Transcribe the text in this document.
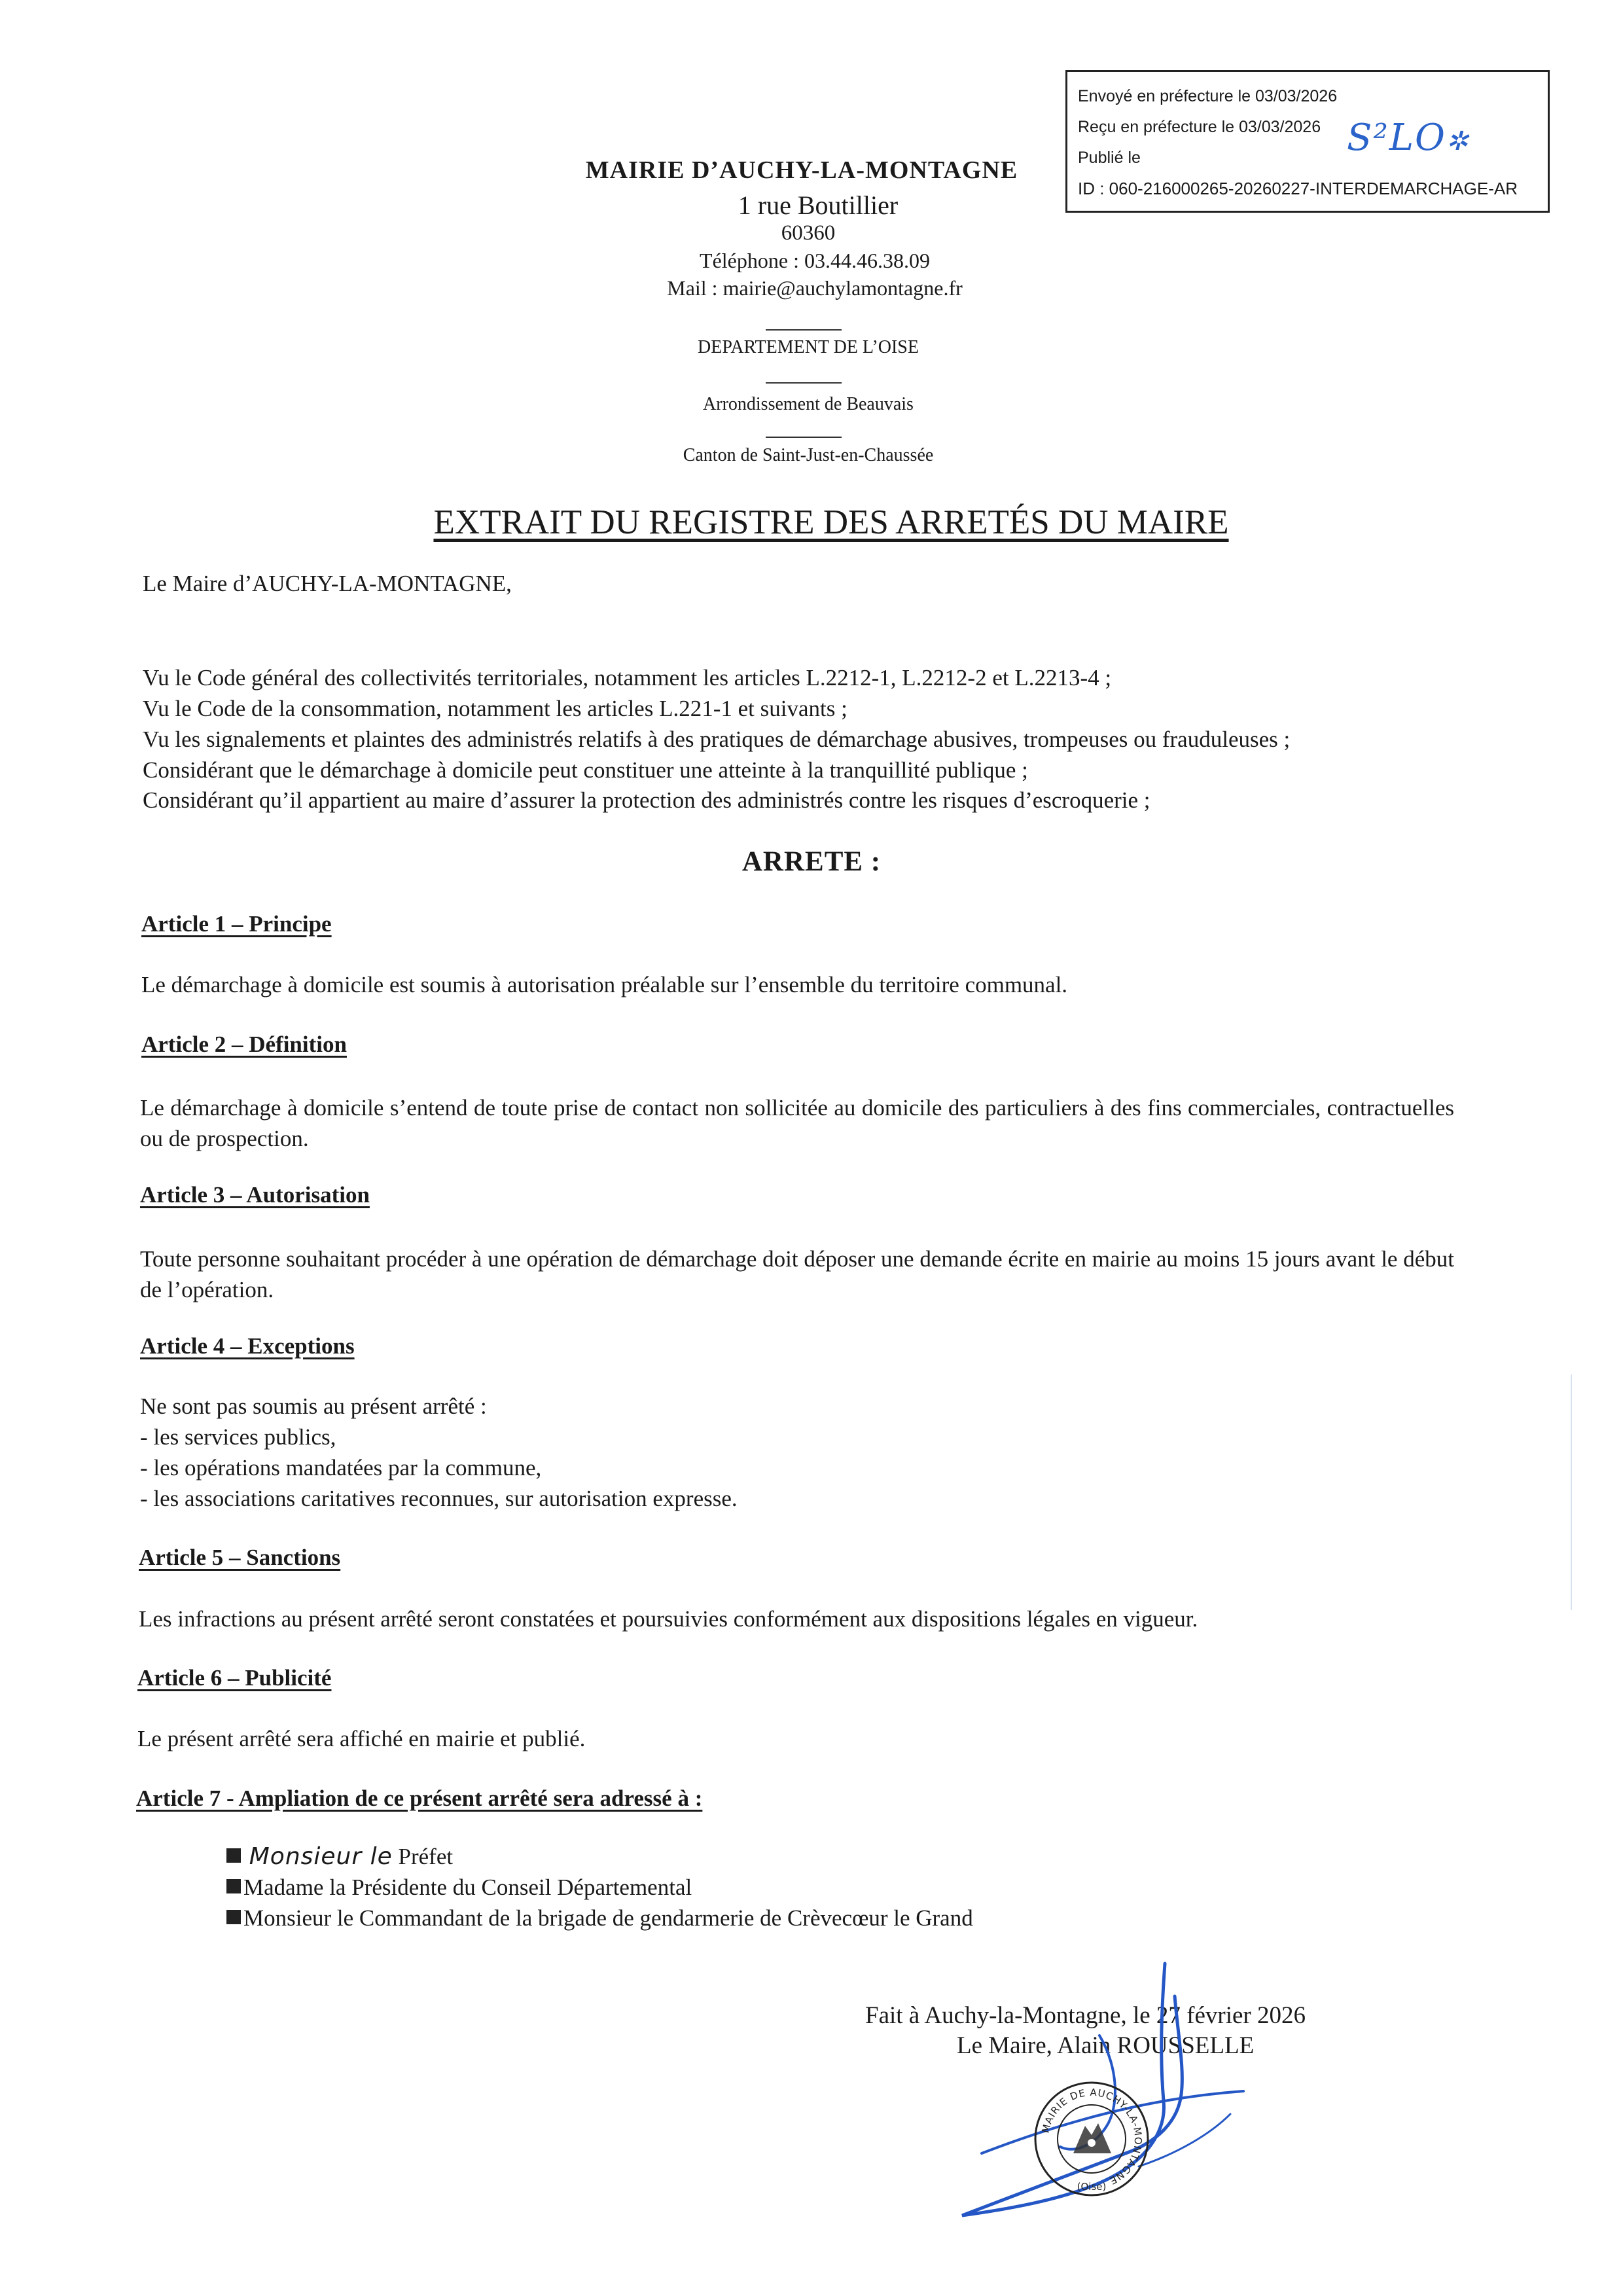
Envoyé en préfecture le 03/03/2026
Reçu en préfecture le 03/03/2026
Publié le
ID : 060-216000265-20260227-INTERDEMARCHAGE-AR
S²LO✲
MAIRIE D’AUCHY-LA-MONTAGNE
1 rue Boutillier
60360
Téléphone : 03.44.46.38.09
Mail : mairie@auchylamontagne.fr
DEPARTEMENT DE L’OISE
Arrondissement de Beauvais
Canton de Saint-Just-en-Chaussée
EXTRAIT DU REGISTRE DES ARRETÉS DU MAIRE
Le Maire d’AUCHY-LA-MONTAGNE,
Vu le Code général des collectivités territoriales, notamment les articles L.2212-1, L.2212-2 et L.2213-4 ;
Vu le Code de la consommation, notamment les articles L.221-1 et suivants ;
Vu les signalements et plaintes des administrés relatifs à des pratiques de démarchage abusives, trompeuses ou frauduleuses ;
Considérant que le démarchage à domicile peut constituer une atteinte à la tranquillité publique ;
Considérant qu’il appartient au maire d’assurer la protection des administrés contre les risques d’escroquerie ;
ARRETE :
Article 1 – Principe
Le démarchage à domicile est soumis à autorisation préalable sur l’ensemble du territoire communal.
Article 2 – Définition
Le démarchage à domicile s’entend de toute prise de contact non sollicitée au domicile des particuliers à des fins commerciales, contractuelles ou de prospection.
Article 3 – Autorisation
Toute personne souhaitant procéder à une opération de démarchage doit déposer une demande écrite en mairie au moins 15 jours avant le début de l’opération.
Article 4 – Exceptions
Ne sont pas soumis au présent arrêté :
- les services publics,
- les opérations mandatées par la commune,
- les associations caritatives reconnues, sur autorisation expresse.
Article 5 – Sanctions
Les infractions au présent arrêté seront constatées et poursuivies conformément aux dispositions légales en vigueur.
Article 6 – Publicité
Le présent arrêté sera affiché en mairie et publié.
Article 7 - Ampliation de ce présent arrêté sera adressé à :
Monsieur le Préfet
Madame la Présidente du Conseil Départemental
Monsieur le Commandant de la brigade de gendarmerie de Crèvecœur le Grand
Fait à Auchy-la-Montagne, le 27 février 2026
Le Maire, Alain ROUSSELLE
MAIRIE DE AUCHY-LA-MONTAGNE
(Oise)
